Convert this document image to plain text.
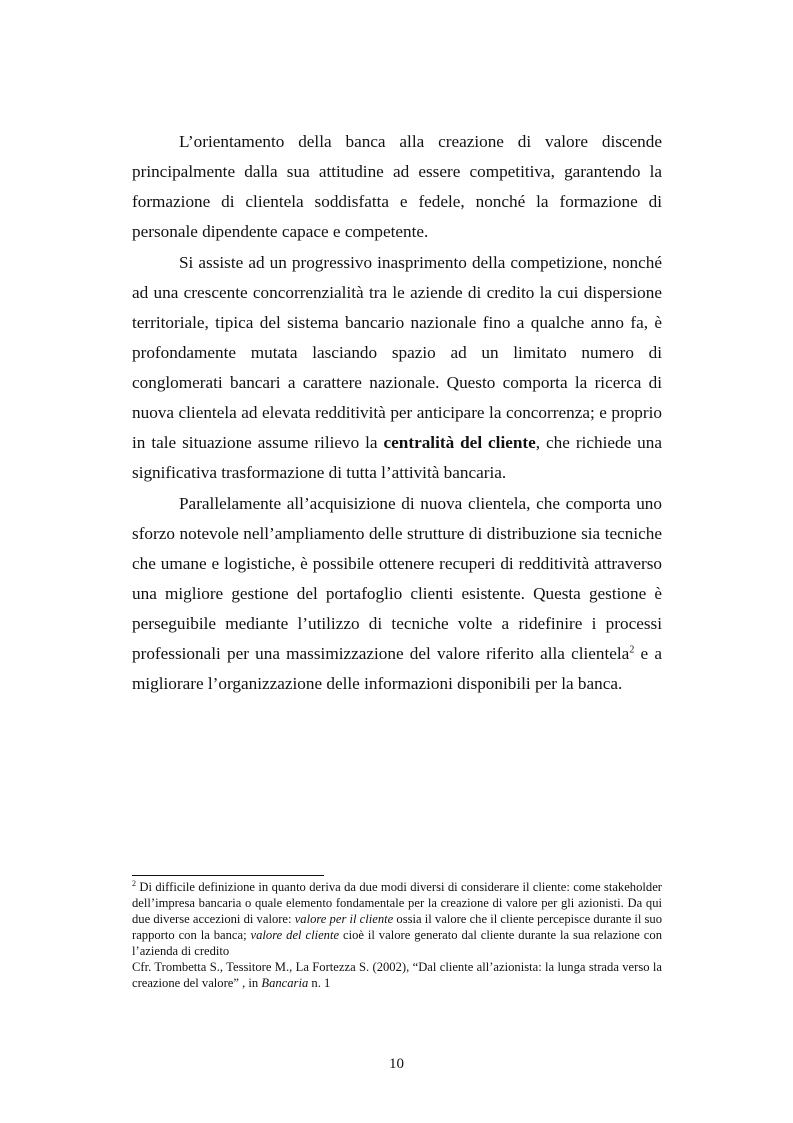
L’orientamento della banca alla creazione di valore discende principalmente dalla sua attitudine ad essere competitiva, garantendo la formazione di clientela soddisfatta e fedele, nonché la formazione di personale dipendente capace e competente.

Si assiste ad un progressivo inasprimento della competizione, nonché ad una crescente concorrenzialità tra le aziende di credito la cui dispersione territoriale, tipica del sistema bancario nazionale fino a qualche anno fa, è profondamente mutata lasciando spazio ad un limitato numero di conglomerati bancari a carattere nazionale. Questo comporta la ricerca di nuova clientela ad elevata redditività per anticipare la concorrenza; e proprio in tale situazione assume rilievo la centralità del cliente, che richiede una significativa trasformazione di tutta l’attività bancaria.

Parallelamente all’acquisizione di nuova clientela, che comporta uno sforzo notevole nell’ampliamento delle strutture di distribuzione sia tecniche che umane e logistiche, è possibile ottenere recuperi di redditività attraverso una migliore gestione del portafoglio clienti esistente. Questa gestione è perseguibile mediante l’utilizzo di tecniche volte a ridefinire i processi professionali per una massimizzazione del valore riferito alla clientela$^2$ e a migliorare l’organizzazione delle informazioni disponibili per la banca.

$^2$ Di difficile definizione in quanto deriva da due modi diversi di considerare il cliente: come stakeholder dell’impresa bancaria o quale elemento fondamentale per la creazione di valore per gli azionisti. Da qui due diverse accezioni di valore: valore per il cliente ossia il valore che il cliente percepisce durante il suo rapporto con la banca; valore del cliente cioè il valore generato dal cliente durante la sua relazione con l’azienda di credito

Cfr. Trombetta S., Tessitore M., La Fortezza S. (2002), “Dal cliente all’azionista: la lunga strada verso la creazione del valore” , in Bancaria n. 1

10
